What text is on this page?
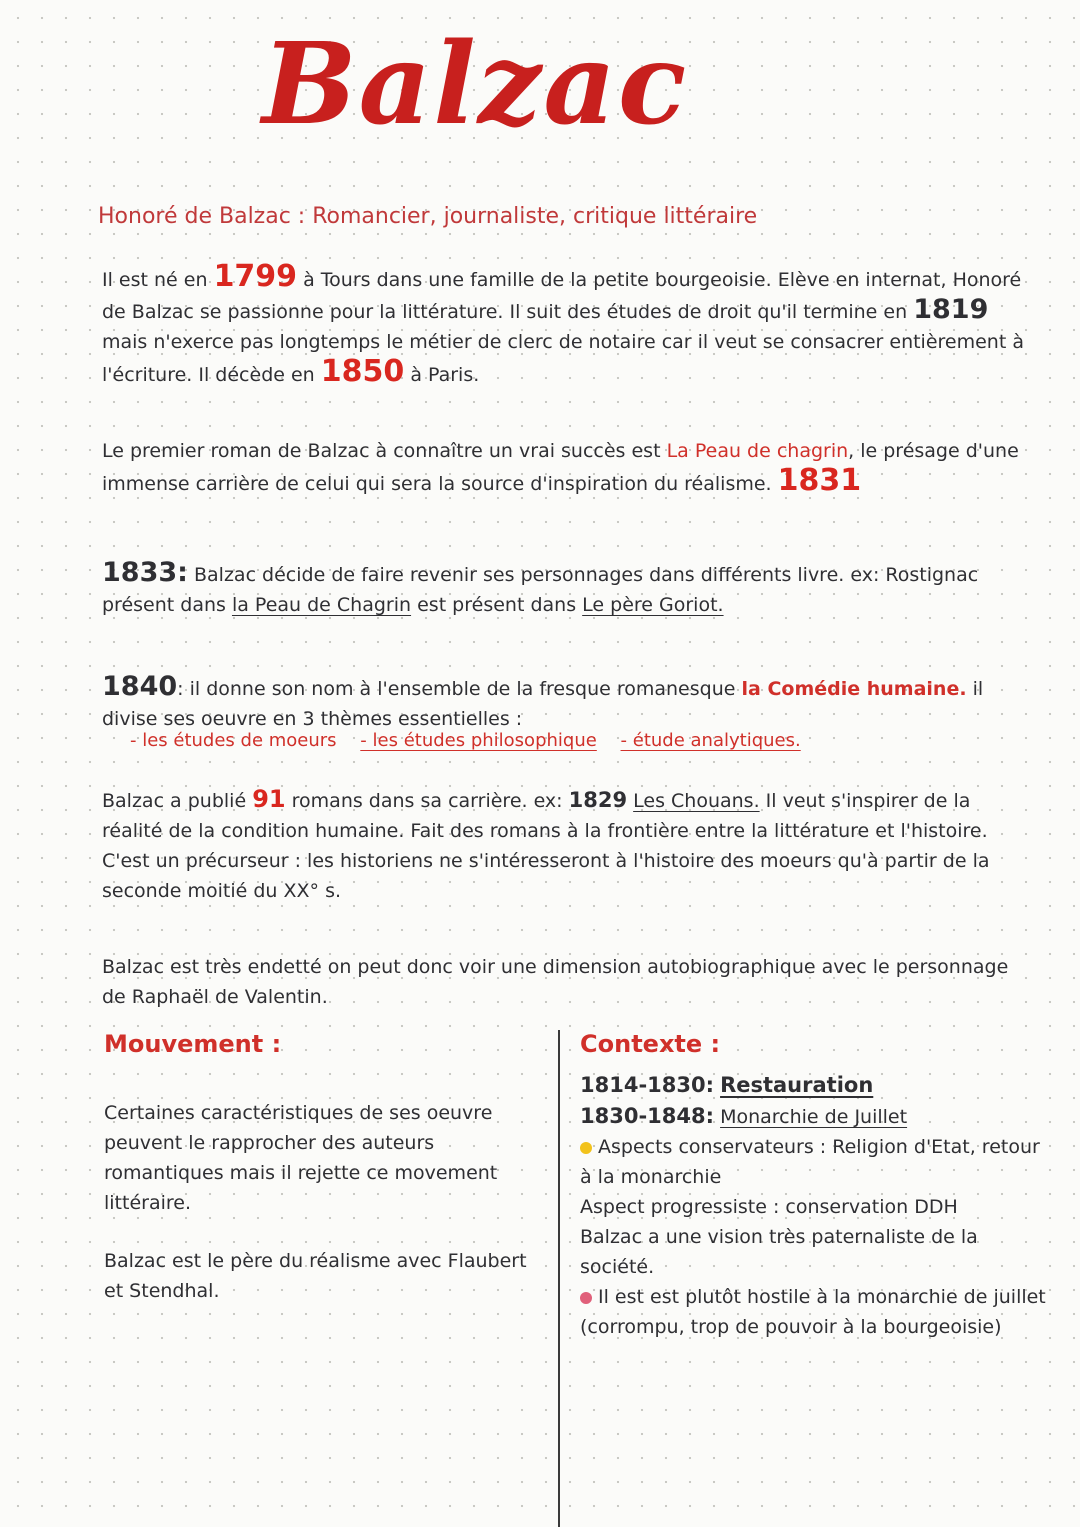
Balzac

Honoré de Balzac : Romancier, journaliste, critique littéraire

Il est né en 1799 à Tours dans une famille de la petite bourgeoisie. Elève en internat, Honoré de Balzac se passionne pour la littérature. Il suit des études de droit qu'il termine en 1819 mais n'exerce pas longtemps le métier de clerc de notaire car il veut se consacrer entièrement à l'écriture. Il décède en 1850 à Paris.

Le premier roman de Balzac à connaître un vrai succès est La Peau de chagrin, le présage d'une immense carrière de celui qui sera la source d'inspiration du réalisme. 1831

1833: Balzac décide de faire revenir ses personnages dans différents livre. ex: Rostignac présent dans la Peau de Chagrin est présent dans Le père Goriot.

1840: il donne son nom à l'ensemble de la fresque romanesque la Comédie humaine. il divise ses oeuvre en 3 thèmes essentielles :

- les études de moeurs - les études philosophique - étude analytiques.

Balzac a publié 91 romans dans sa carrière. ex: 1829 Les Chouans. Il veut s'inspirer de la réalité de la condition humaine. Fait des romans à la frontière entre la littérature et l'histoire. C'est un précurseur : les historiens ne s'intéresseront à l'histoire des moeurs qu'à partir de la seconde moitié du XX° s.

Balzac est très endetté on peut donc voir une dimension autobiographique avec le personnage de Raphaël de Valentin.

Mouvement :

Certaines caractéristiques de ses oeuvre peuvent le rapprocher des auteurs romantiques mais il rejette ce movement littéraire.

Balzac est le père du réalisme avec Flaubert et Stendhal.

Contexte :

1814-1830: Restauration

1830-1848: Monarchie de Juillet

Aspects conservateurs : Religion d'Etat, retour à la monarchie

Aspect progressiste : conservation DDH

Balzac a une vision très paternaliste de la société.

Il est est plutôt hostile à la monarchie de juillet (corrompu, trop de pouvoir à la bourgeoisie)
